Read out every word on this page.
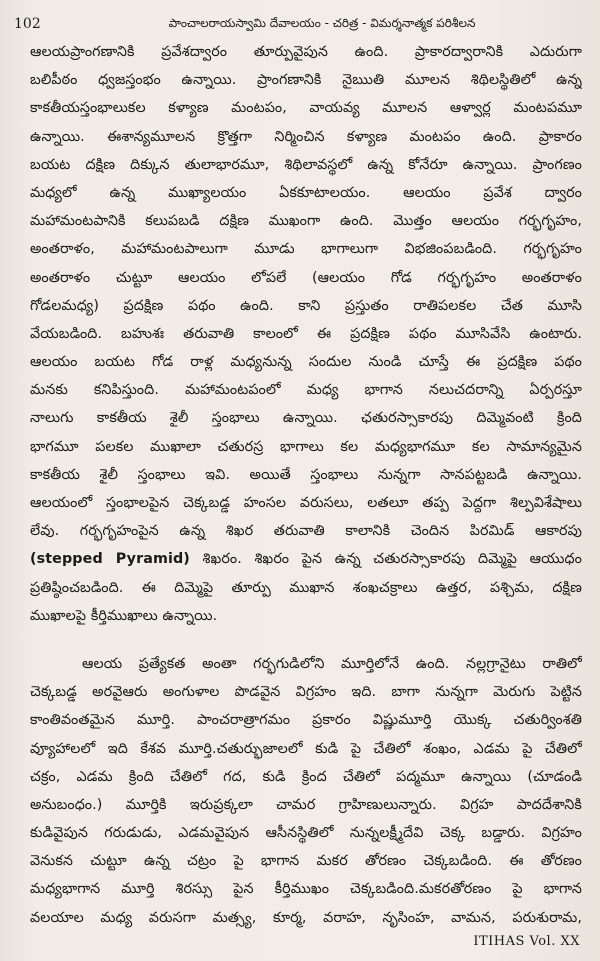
102	పాంచాలరాయస్వామి దేవాలయం - చరిత్ర - విమర్శనాత్మక పరిశీలన
ఆలయప్రాంగణానికి ప్రవేశద్వారం తూర్పువైపున ఉంది. ప్రాకారద్వారానికి ఎదురుగా
బలిపీఠం ధ్వజస్తంభం ఉన్నాయి. ప్రాంగణానికి నైఋతి మూలన శిథిలస్థితిలో ఉన్న
కాకతీయస్తంభాలుకల కళ్యాణ మంటపం, వాయవ్య మూలన ఆళ్వార్ల మంటపమూ
ఉన్నాయి. ఈశాన్యమూలన క్రొత్తగా నిర్మించిన కళ్యాణ మంటపం ఉంది. ప్రాకారం
బయట దక్షిణ దిక్కున తులాభారమూ, శిథిలావస్థలో ఉన్న కోనేరూ ఉన్నాయి. ప్రాంగణం
మధ్యలో ఉన్న ముఖ్యాలయం ఏకకూటాలయం. ఆలయం ప్రవేశ ద్వారం
మహామంటపానికి కలుపబడి దక్షిణ ముఖంగా ఉంది. మొత్తం ఆలయం గర్భగృహం,
అంతరాళం, మహామంటపాలుగా మూడు భాగాలుగా విభజింపబడింది. గర్భగృహం
అంతరాళం చుట్టూ ఆలయం లోపలే (ఆలయం గోడ గర్భగృహం అంతరాళం
గోడలమధ్య) ప్రదక్షిణ పథం ఉంది. కాని ప్రస్తుతం రాతిపలకల చేత మూసి
వేయబడింది. బహుశః తరువాతి కాలంలో ఈ ప్రదక్షిణ పథం మూసివేసి ఉంటారు.
ఆలయం బయట గోడ రాళ్ల మధ్యనున్న సందుల నుండి చూస్తే ఈ ప్రదక్షిణ పథం
మనకు కనిపిస్తుంది. మహామంటపంలో మధ్య భాగాన నలుచదరాన్ని ఏర్పరస్తూ
నాలుగు కాకతీయ శైలీ స్తంభాలు ఉన్నాయి. ఛతురస్సాకారపు దిమ్మెవంటి క్రింది
భాగమూ పలకల ముఖాలా చతురస్ర భాగాలు కల మధ్యభాగమూ కల సామాన్యమైన
కాకతీయ శైలీ స్తంభాలు ఇవి. అయితే స్తంభాలు నున్నగా సానపట్టబడి ఉన్నాయి.
ఆలయంలో స్తంభాలపైన చెక్కబడ్డ హంసల వరుసలు, లతలూ తప్ప పెద్దగా శిల్పవిశేషాలు
లేవు. గర్భగృహంపైన ఉన్న శిఖర తరువాతి కాలానికి చెందిన పిరమిడ్ ఆకారపు
(stepped Pyramid) శిఖరం. శిఖరం పైన ఉన్న చతురస్సాకారపు దిమ్మెపై ఆయుధం
ప్రతిష్ఠించబడింది. ఈ దిమ్మెపై తూర్పు ముఖాన శంఖచక్రాలు ఉత్తర, పశ్చిమ, దక్షిణ
ముఖాలపై కీర్తిముఖాలు ఉన్నాయి.
ఆలయ ప్రత్యేకత అంతా గర్భగుడిలోని మూర్తిలోనే ఉంది. నల్లగ్రానైటు రాతిలో
చెక్కబడ్డ అరవైఆరు అంగుళాల పొడవైన విగ్రహం ఇది. బాగా నున్నగా మెరుగు పెట్టిన
కాంతివంతమైన మూర్తి. పాంచరాత్రాగమం ప్రకారం విష్ణుమూర్తి యొక్క చతుర్వింశతి
వ్యూహాలలో ఇది కేశవ మూర్తి.చతుర్భుజాలలో కుడి పై చేతిలో శంఖం, ఎడమ పై చేతిలో
చక్రం, ఎడమ క్రింది చేతిలో గద, కుడి క్రింద చేతిలో పద్మమూ ఉన్నాయి (చూడండి
అనుబంధం.) మూర్తికి ఇరుప్రక్కలా చామర గ్రాహిణులున్నారు. విగ్రహ పాదదేశానికి
కుడివైపున గరుడుడు, ఎడమవైపున ఆసీనస్థితిలో నున్నలక్ష్మీదేవి చెక్క బడ్డారు. విగ్రహం
వెనుకన చుట్టూ ఉన్న చట్రం పై భాగాన మకర తోరణం చెక్కబడింది. ఈ తోరణం
మధ్యభాగాన మూర్తి శిరస్సు పైన కీర్తిముఖం చెక్కబడింది.మకరతోరణం పై భాగాన
వలయాల మధ్య వరుసగా మత్స్య, కూర్మ, వరాహ, నృసింహ, వామన, పరుశురామ,
ITIHAS Vol. XX
